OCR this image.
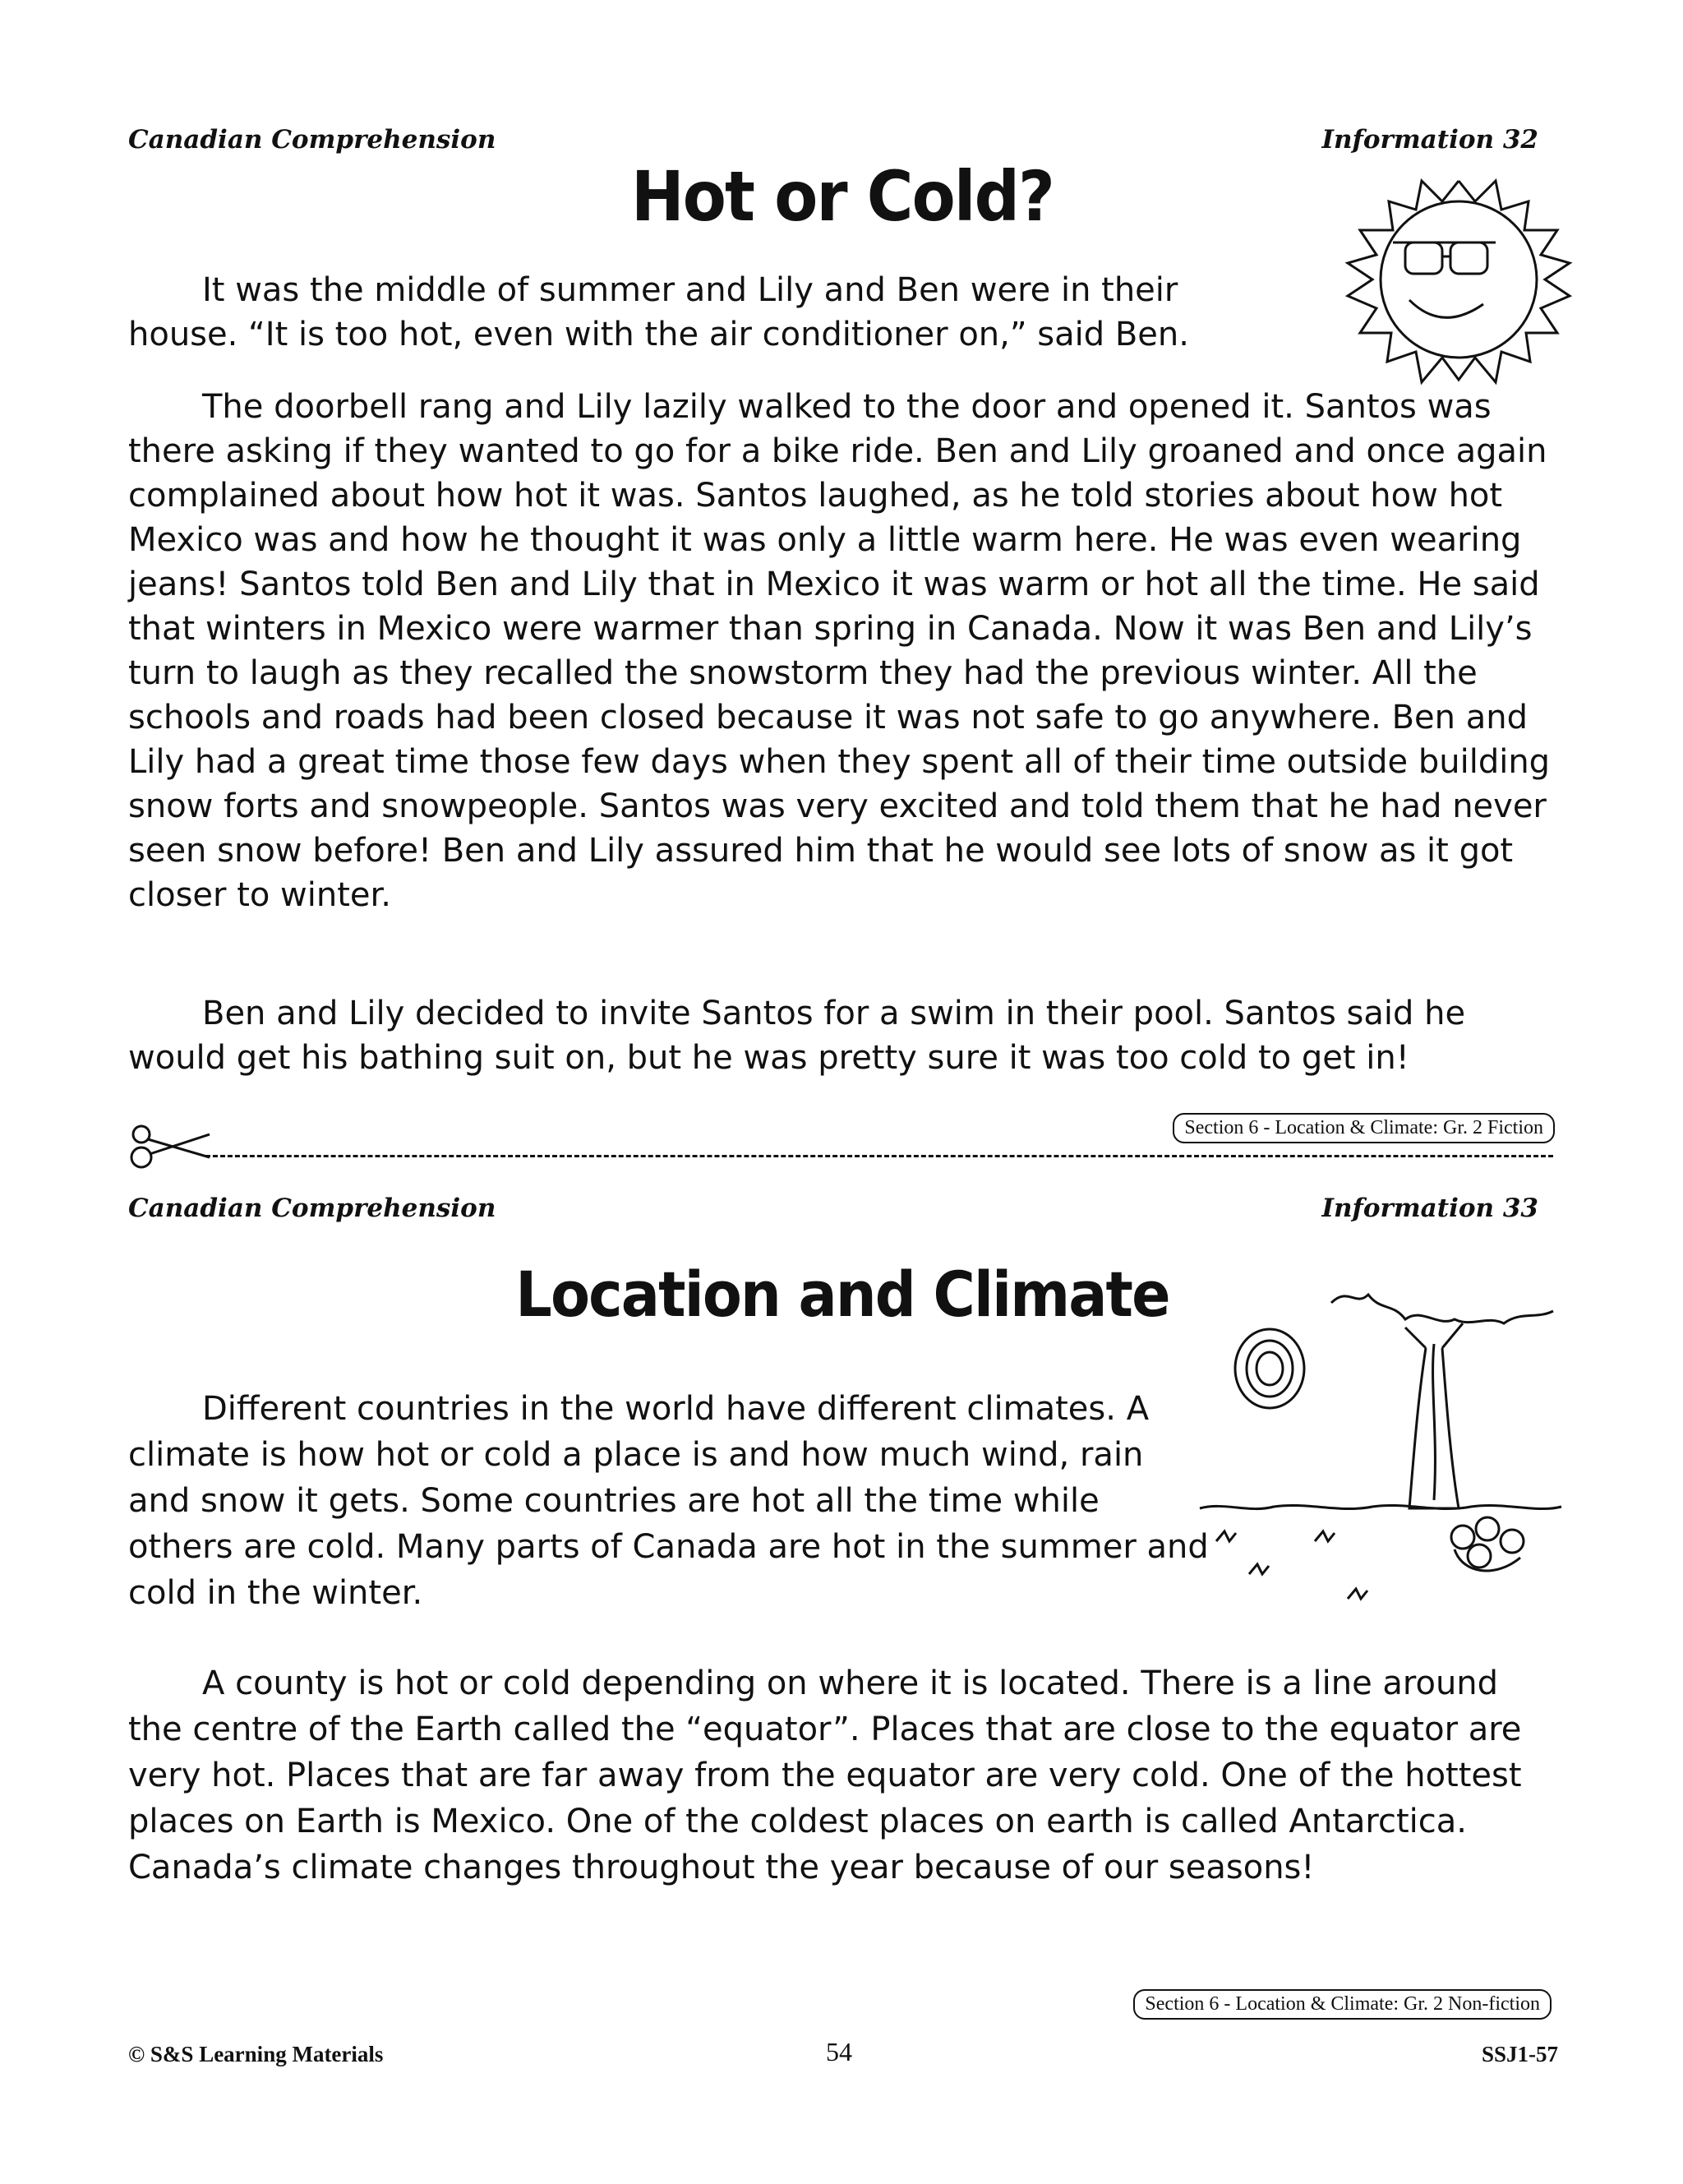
Canadian Comprehension	Information 32
Hot or Cold?

It was the middle of summer and Lily and Ben were in their house. “It is too hot, even with the air conditioner on,” said Ben.

The doorbell rang and Lily lazily walked to the door and opened it. Santos was there asking if they wanted to go for a bike ride. Ben and Lily groaned and once again complained about how hot it was. Santos laughed, as he told stories about how hot Mexico was and how he thought it was only a little warm here. He was even wearing jeans! Santos told Ben and Lily that in Mexico it was warm or hot all the time. He said that winters in Mexico were warmer than spring in Canada. Now it was Ben and Lily’s turn to laugh as they recalled the snowstorm they had the previous winter. All the schools and roads had been closed because it was not safe to go anywhere. Ben and Lily had a great time those few days when they spent all of their time outside building snow forts and snowpeople. Santos was very excited and told them that he had never seen snow before! Ben and Lily assured him that he would see lots of snow as it got closer to winter.

Ben and Lily decided to invite Santos for a swim in their pool. Santos said he would get his bathing suit on, but he was pretty sure it was too cold to get in!

Section 6 - Location & Climate: Gr. 2 Fiction
Canadian Comprehension	Information 33
Location and Climate

Different countries in the world have different climates. A climate is how hot or cold a place is and how much wind, rain and snow it gets. Some countries are hot all the time while others are cold. Many parts of Canada are hot in the summer and cold in the winter.

A county is hot or cold depending on where it is located. There is a line around the centre of the Earth called the “equator”. Places that are close to the equator are very hot. Places that are far away from the equator are very cold. One of the hottest places on Earth is Mexico. One of the coldest places on earth is called Antarctica. Canada’s climate changes throughout the year because of our seasons!

Section 6 - Location & Climate: Gr. 2 Non-fiction
© S&S Learning Materials	54	SSJ1-57
